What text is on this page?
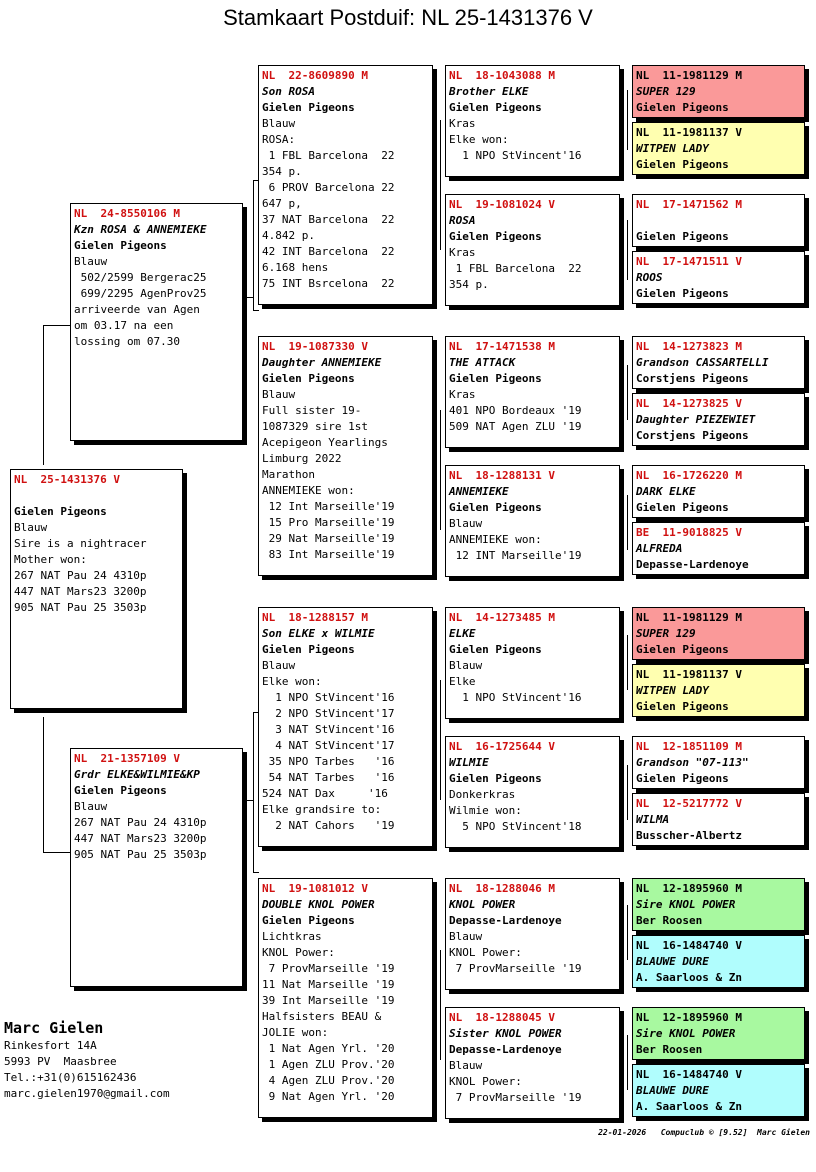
Stamkaart Postduif: NL 25-1431376 V
NL  25-1431376 V

Gielen Pigeons
Blauw
Sire is a nightracer
Mother won:
267 NAT Pau 24 4310p
447 NAT Mars23 3200p
905 NAT Pau 25 3503p
NL  24-8550106 M
Kzn ROSA & ANNEMIEKE
Gielen Pigeons
Blauw
502/2599 Bergerac25
699/2295 AgenProv25
arriveerde van Agen
om 03.17 na een
lossing om 07.30
NL  21-1357109 V
Grdr ELKE&WILMIE&KP
Gielen Pigeons
Blauw
267 NAT Pau 24 4310p
447 NAT Mars23 3200p
905 NAT Pau 25 3503p
NL  22-8609890 M
Son ROSA
Gielen Pigeons
Blauw
ROSA:
1 FBL Barcelona  22
354 p.
6 PROV Barcelona 22
647 p,
37 NAT Barcelona  22
4.842 p.
42 INT Barcelona  22
6.168 hens
75 INT Bsrcelona  22
NL  19-1087330 V
Daughter ANNEMIEKE
Gielen Pigeons
Blauw
Full sister 19-
1087329 sire 1st
Acepigeon Yearlings
Limburg 2022
Marathon
ANNEMIEKE won:
12 Int Marseille'19
15 Pro Marseille'19
29 Nat Marseille'19
83 Int Marseille'19
NL  18-1288157 M
Son ELKE x WILMIE
Gielen Pigeons
Blauw
Elke won:
1 NPO StVincent'16
2 NPO StVincent'17
3 NAT StVincent'16
4 NAT StVincent'17
35 NPO Tarbes   '16
54 NAT Tarbes   '16
524 NAT Dax     '16
Elke grandsire to:
2 NAT Cahors   '19
NL  19-1081012 V
DOUBLE KNOL POWER
Gielen Pigeons
Lichtkras
KNOL Power:
7 ProvMarseille '19
11 Nat Marseille '19
39 Int Marseille '19
Halfsisters BEAU &
JOLIE won:
1 Nat Agen Yrl. '20
1 Agen ZLU Prov.'20
4 Agen ZLU Prov.'20
9 Nat Agen Yrl. '20
NL  18-1043088 M
Brother ELKE
Gielen Pigeons
Kras
Elke won:
1 NPO StVincent'16
NL  19-1081024 V
ROSA
Gielen Pigeons
Kras
1 FBL Barcelona  22
354 p.
NL  17-1471538 M
THE ATTACK
Gielen Pigeons
Kras
401 NPO Bordeaux '19
509 NAT Agen ZLU '19
NL  18-1288131 V
ANNEMIEKE
Gielen Pigeons
Blauw
ANNEMIEKE won:
12 INT Marseille'19
NL  14-1273485 M
ELKE
Gielen Pigeons
Blauw
Elke
1 NPO StVincent'16
NL  16-1725644 V
WILMIE
Gielen Pigeons
Donkerkras
Wilmie won:
5 NPO StVincent'18
NL  18-1288046 M
KNOL POWER
Depasse-Lardenoye
Blauw
KNOL Power:
7 ProvMarseille '19
NL  18-1288045 V
Sister KNOL POWER
Depasse-Lardenoye
Blauw
KNOL Power:
7 ProvMarseille '19
NL  11-1981129 M
SUPER 129
Gielen Pigeons
NL  11-1981137 V
WITPEN LADY
Gielen Pigeons
NL  17-1471562 M

Gielen Pigeons
NL  17-1471511 V
ROOS
Gielen Pigeons
NL  14-1273823 M
Grandson CASSARTELLI
Corstjens Pigeons
NL  14-1273825 V
Daughter PIEZEWIET
Corstjens Pigeons
NL  16-1726220 M
DARK ELKE
Gielen Pigeons
BE  11-9018825 V
ALFREDA
Depasse-Lardenoye
NL  11-1981129 M
SUPER 129
Gielen Pigeons
NL  11-1981137 V
WITPEN LADY
Gielen Pigeons
NL  12-1851109 M
Grandson "07-113"
Gielen Pigeons
NL  12-5217772 V
WILMA
Busscher-Albertz
NL  12-1895960 M
Sire KNOL POWER
Ber Roosen
NL  16-1484740 V
BLAUWE DURE
A. Saarloos & Zn
NL  12-1895960 M
Sire KNOL POWER
Ber Roosen
NL  16-1484740 V
BLAUWE DURE
A. Saarloos & Zn
Marc Gielen
Rinkesfort 14A
5993 PV  Maasbree
Tel.:+31(0)615162436
marc.gielen1970@gmail.com
22-01-2026   Compuclub © [9.52]  Marc Gielen
